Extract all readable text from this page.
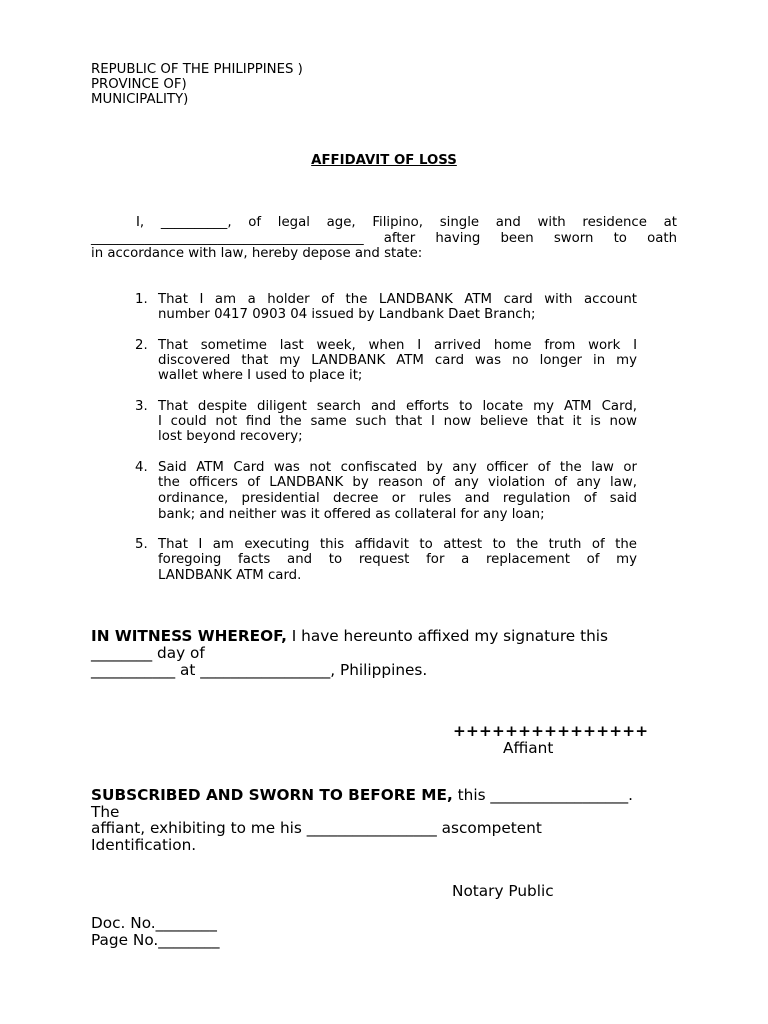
REPUBLIC OF THE PHILIPPINES )
PROVINCE OF)
MUNICIPALITY)
AFFIDAVIT OF LOSS
I, __________, of legal age, Filipino, single and with residence at
_________________________________________ after having been sworn to oath
in accordance with law, hereby depose and state:
1. That I am a holder of the LANDBANK ATM card with account
number 0417 0903 04 issued by Landbank Daet Branch;
2. That sometime last week, when I arrived home from work I
discovered that my LANDBANK ATM card was no longer in my
wallet where I used to place it;
3. That despite diligent search and efforts to locate my ATM Card,
I could not find the same such that I now believe that it is now
lost beyond recovery;
4. Said ATM Card was not confiscated by any officer of the law or
the officers of LANDBANK by reason of any violation of any law,
ordinance, presidential decree or rules and regulation of said
bank; and neither was it offered as collateral for any loan;
5. That I am executing this affidavit to attest to the truth of the
foregoing facts and to request for a replacement of my
LANDBANK ATM card.
IN WITNESS WHEREOF, I have hereunto affixed my signature this
________ day of
___________ at _________________, Philippines.
+++++++++++++++
Affiant
SUBSCRIBED AND SWORN TO BEFORE ME, this __________________.
The
affiant, exhibiting to me his _________________ ascompetent
Identification.
Notary Public
Doc. No.________
Page No.________
